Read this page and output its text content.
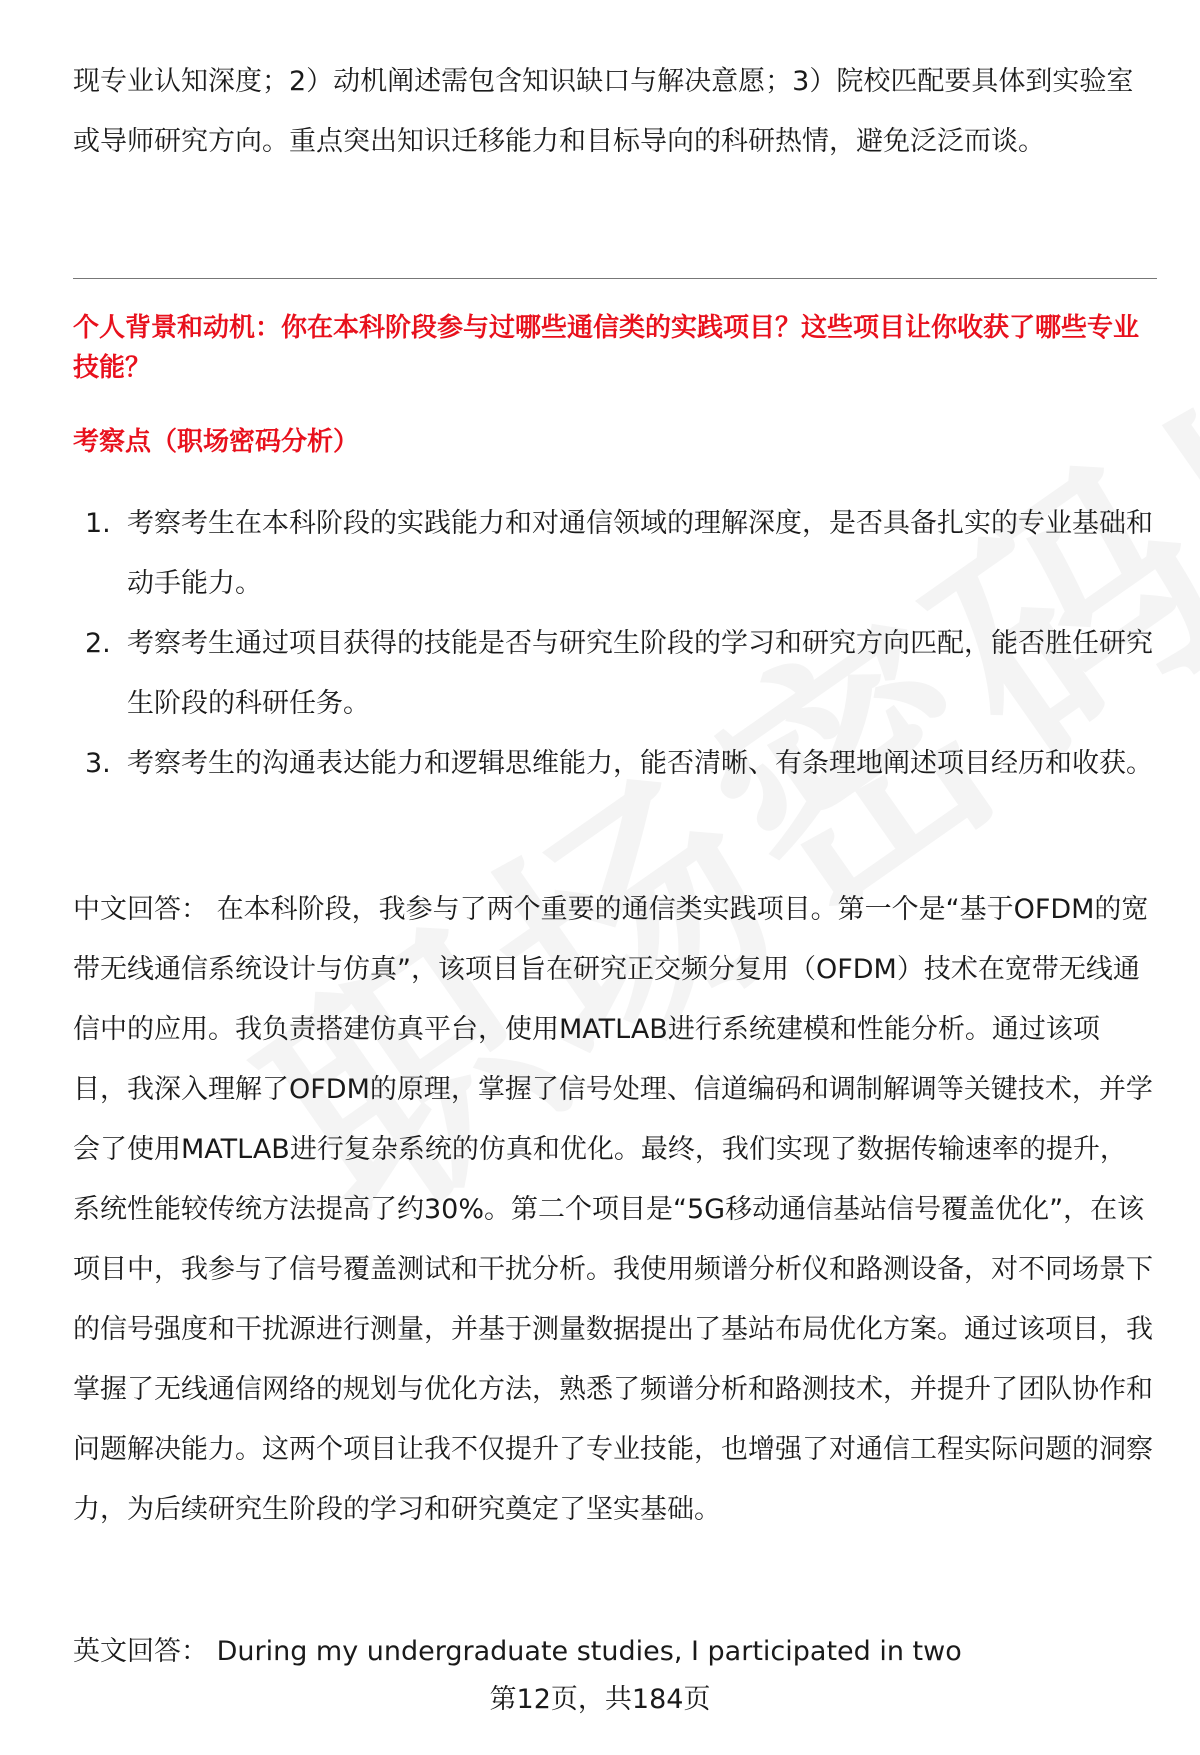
现专业认知深度；2）动机阐述需包含知识缺口与解决意愿；3）院校匹配要具体到实验室或导师研究方向。重点突出知识迁移能力和目标导向的科研热情，避免泛泛而谈。

个人背景和动机：你在本科阶段参与过哪些通信类的实践项目？这些项目让你收获了哪些专业技能？

考察点（职场密码分析）

1. 考察考生在本科阶段的实践能力和对通信领域的理解深度，是否具备扎实的专业基础和动手能力。
2. 考察考生通过项目获得的技能是否与研究生阶段的学习和研究方向匹配，能否胜任研究生阶段的科研任务。
3. 考察考生的沟通表达能力和逻辑思维能力，能否清晰、有条理地阐述项目经历和收获。

中文回答： 在本科阶段，我参与了两个重要的通信类实践项目。第一个是“基于OFDM的宽带无线通信系统设计与仿真”，该项目旨在研究正交频分复用（OFDM）技术在宽带无线通信中的应用。我负责搭建仿真平台，使用MATLAB进行系统建模和性能分析。通过该项目，我深入理解了OFDM的原理，掌握了信号处理、信道编码和调制解调等关键技术，并学会了使用MATLAB进行复杂系统的仿真和优化。最终，我们实现了数据传输速率的提升，系统性能较传统方法提高了约30%。第二个项目是“5G移动通信基站信号覆盖优化”，在该项目中，我参与了信号覆盖测试和干扰分析。我使用频谱分析仪和路测设备，对不同场景下的信号强度和干扰源进行测量，并基于测量数据提出了基站布局优化方案。通过该项目，我掌握了无线通信网络的规划与优化方法，熟悉了频谱分析和路测技术，并提升了团队协作和问题解决能力。这两个项目让我不仅提升了专业技能，也增强了对通信工程实际问题的洞察力，为后续研究生阶段的学习和研究奠定了坚实基础。

英文回答： During my undergraduate studies, I participated in two

第12页，共184页
